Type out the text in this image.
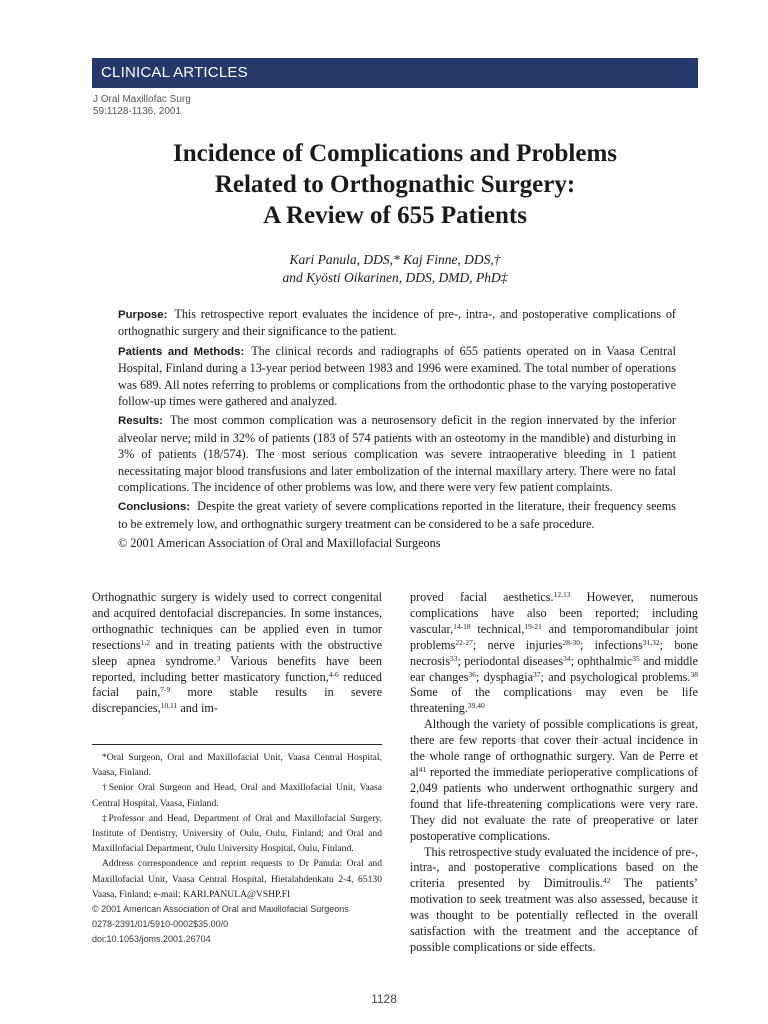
CLINICAL ARTICLES
J Oral Maxillofac Surg
59:1128-1136, 2001
Incidence of Complications and Problems
Related to Orthognathic Surgery:
A Review of 655 Patients
Kari Panula, DDS,* Kaj Finne, DDS,†
and Kyösti Oikarinen, DDS, DMD, PhD‡

Purpose: This retrospective report evaluates the incidence of pre-, intra-, and postoperative complications of orthognathic surgery and their significance to the patient.

Patients and Methods: The clinical records and radiographs of 655 patients operated on in Vaasa Central Hospital, Finland during a 13-year period between 1983 and 1996 were examined. The total number of operations was 689. All notes referring to problems or complications from the orthodontic phase to the varying postoperative follow-up times were gathered and analyzed.

Results: The most common complication was a neurosensory deficit in the region innervated by the inferior alveolar nerve; mild in 32% of patients (183 of 574 patients with an osteotomy in the mandible) and disturbing in 3% of patients (18/574). The most serious complication was severe intraoperative bleeding in 1 patient necessitating major blood transfusions and later embolization of the internal maxillary artery. There were no fatal complications. The incidence of other problems was low, and there were very few patient complaints.

Conclusions: Despite the great variety of severe complications reported in the literature, their frequency seems to be extremely low, and orthognathic surgery treatment can be considered to be a safe procedure.

© 2001 American Association of Oral and Maxillofacial Surgeons

Orthognathic surgery is widely used to correct congenital and acquired dentofacial discrepancies. In some instances, orthognathic techniques can be applied even in tumor resections$^{1,2}$ and in treating patients with the obstructive sleep apnea syndrome.$^3$ Various benefits have been reported, including better masticatory function,$^{4-6}$ reduced facial pain,$^{7-9}$ more stable results in severe discrepancies,$^{10,11}$ and im-

proved facial aesthetics.$^{12,13}$ However, numerous complications have also been reported; including vascular,$^{14-18}$ technical,$^{19-21}$ and temporomandibular joint problems$^{22-27}$; nerve injuries$^{28-30}$; infections$^{31,32}$; bone necrosis$^{33}$; periodontal diseases$^{34}$; ophthalmic$^{35}$ and middle ear changes$^{36}$; dysphagia$^{37}$; and psychological problems.$^{38}$ Some of the complications may even be life threatening.$^{39,40}$

Although the variety of possible complications is great, there are few reports that cover their actual incidence in the whole range of orthognathic surgery. Van de Perre et $al^{41}$ reported the immediate perioperative complications of 2,049 patients who underwent orthognathic surgery and found that life-threatening complications were very rare. They did not evaluate the rate of preoperative or later postoperative complications.

This retrospective study evaluated the incidence of pre-, intra-, and postoperative complications based on the criteria presented by Dimitroulis.$^{42}$ The patients’ motivation to seek treatment was also assessed, because it was thought to be potentially reflected in the overall satisfaction with the treatment and the acceptance of possible complications or side effects.

*Oral Surgeon, Oral and Maxillofacial Unit, Vaasa Central Hospital, Vaasa, Finland.

†Senior Oral Surgeon and Head, Oral and Maxillofacial Unit, Vaasa Central Hospital, Vaasa, Finland.

‡Professor and Head, Department of Oral and Maxillofacial Surgery, Institute of Dentistry, University of Oulu, Oulu, Finland; and Oral and Maxillofacial Department, Oulu University Hospital, Oulu, Finland.

Address correspondence and reprint requests to Dr Panula: Oral and Maxillofacial Unit, Vaasa Central Hospital, Hietalahdenkatu 2-4, 65130 Vaasa, Finland; e-mail: KARI.PANULA@VSHP.FI

© 2001 American Association of Oral and Maxillofacial Surgeons

0278-2391/01/5910-0002$35.00/0

doi:10.1053/joms.2001.26704

1128
